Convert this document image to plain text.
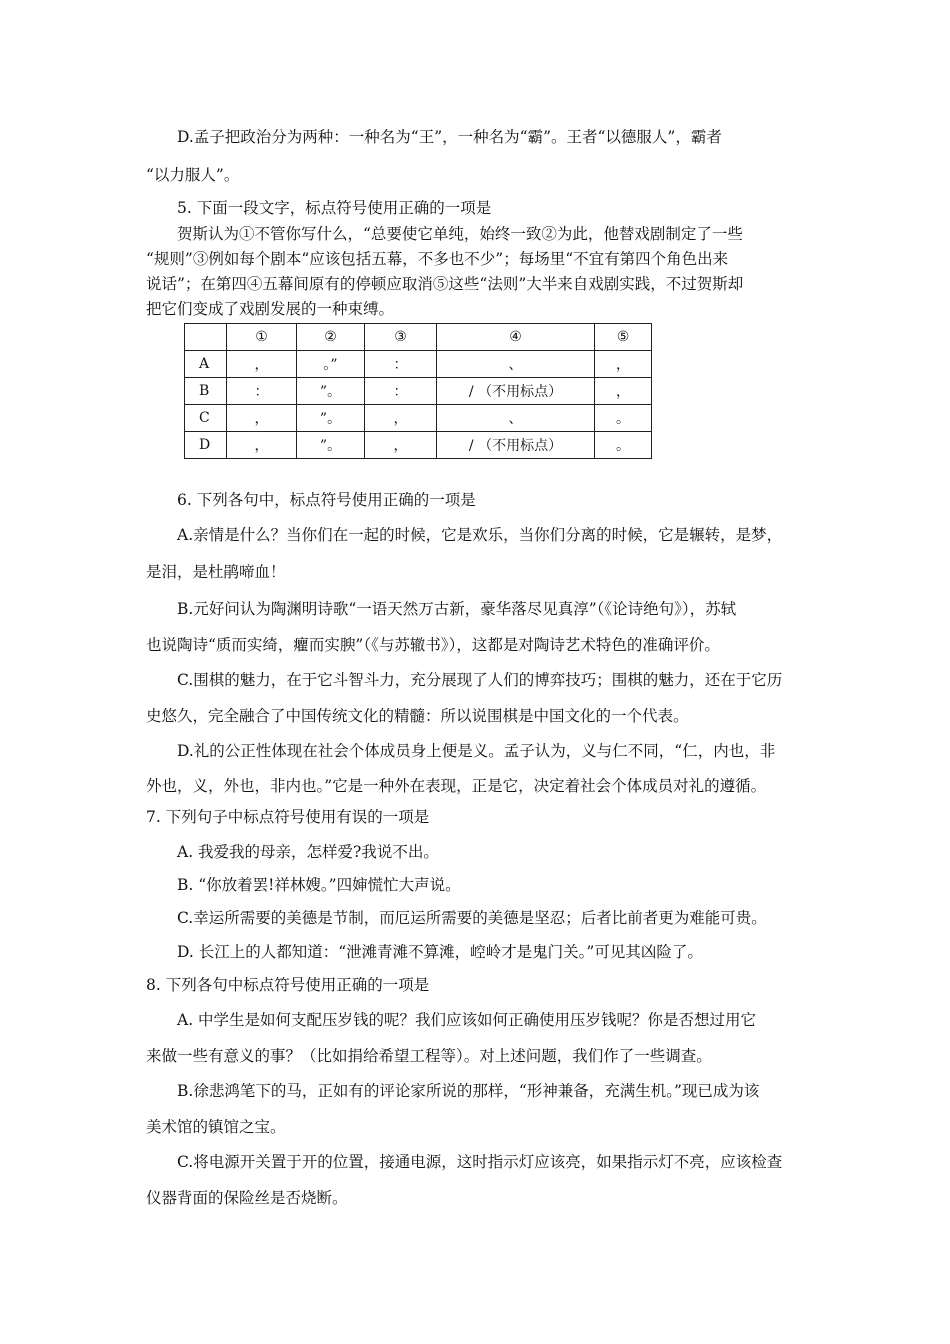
D.孟子把政治分为两种：一种名为“王”，一种名为“霸”。王者“以德服人”，霸者
“以力服人”。
5. 下面一段文字，标点符号使用正确的一项是
贺斯认为①不管你写什么，“总要使它单纯，始终一致②为此，他替戏剧制定了一些
“规则”③例如每个剧本“应该包括五幕，不多也不少”；每场里“不宜有第四个角色出来
说话”；在第四④五幕间原有的停顿应取消⑤这些“法则”大半来自戏剧实践，不过贺斯却
把它们变成了戏剧发展的一种束缚。
	①	②	③	④	⑤
A	，	。”	：	、	，
B	：	”。	：	/ （不用标点）	，
C	，	”。	，	、	。
D	，	”。	，	/ （不用标点）	。
6. 下列各句中，标点符号使用正确的一项是
A.亲情是什么？当你们在一起的时候，它是欢乐，当你们分离的时候，它是辗转，是梦，
是泪，是杜鹃啼血！
B.元好问认为陶渊明诗歌“一语天然万古新，豪华落尽见真淳”（《论诗绝句》），苏轼
也说陶诗“质而实绮，癯而实腴”（《与苏辙书》），这都是对陶诗艺术特色的准确评价。
C.围棋的魅力，在于它斗智斗力，充分展现了人们的博弈技巧；围棋的魅力，还在于它历
史悠久，完全融合了中国传统文化的精髓：所以说围棋是中国文化的一个代表。
D.礼的公正性体现在社会个体成员身上便是义。孟子认为，义与仁不同，“仁，内也，非
外也，义，外也，非内也。”它是一种外在表现，正是它，决定着社会个体成员对礼的遵循。
7. 下列句子中标点符号使用有误的一项是
A. 我爱我的母亲，怎样爱?我说不出。
B. “你放着罢!祥林嫂。”四婶慌忙大声说。
C.幸运所需要的美德是节制，而厄运所需要的美德是坚忍；后者比前者更为难能可贵。
D. 长江上的人都知道：“泄滩青滩不算滩，崆岭才是鬼门关。”可见其凶险了。
8. 下列各句中标点符号使用正确的一项是
A. 中学生是如何支配压岁钱的呢？我们应该如何正确使用压岁钱呢？你是否想过用它
来做一些有意义的事？（比如捐给希望工程等）。对上述问题，我们作了一些调查。
B.徐悲鸿笔下的马，正如有的评论家所说的那样，“形神兼备，充满生机。”现已成为该
美术馆的镇馆之宝。
C.将电源开关置于开的位置，接通电源，这时指示灯应该亮，如果指示灯不亮，应该检查
仪器背面的保险丝是否烧断。
